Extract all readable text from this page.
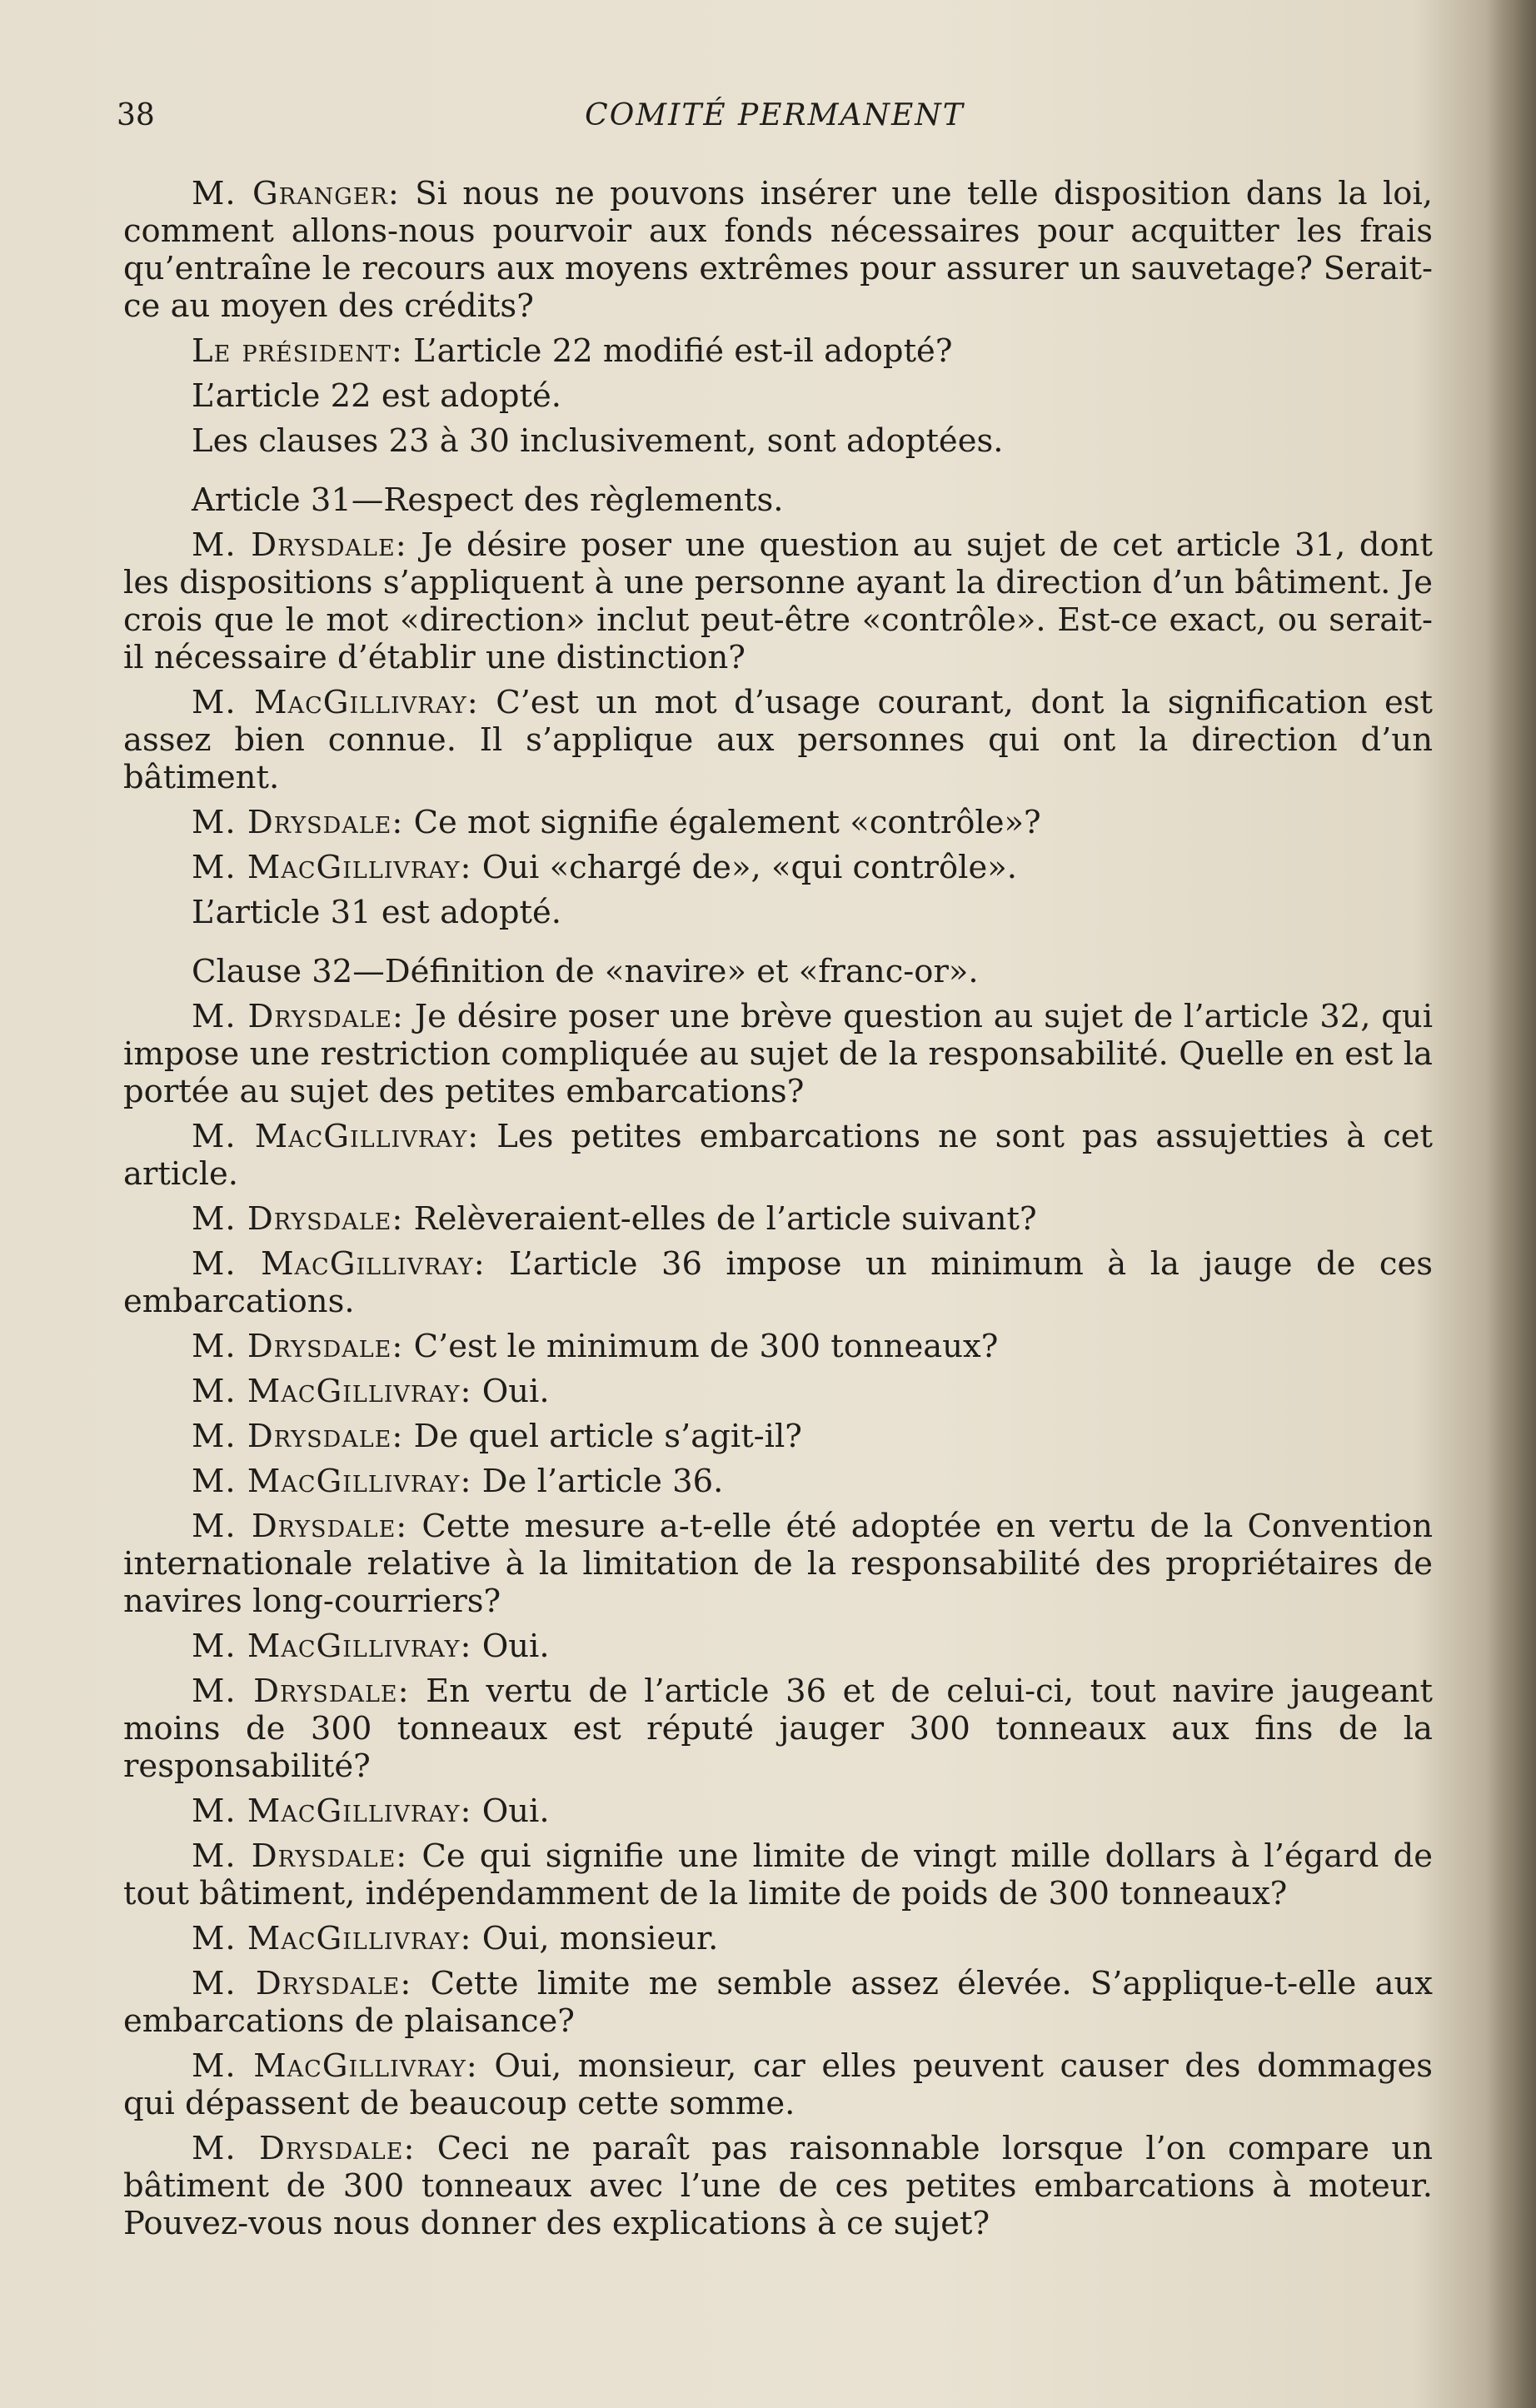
38	COMITÉ PERMANENT

M. Granger: Si nous ne pouvons insérer une telle disposition dans la loi, comment allons-nous pourvoir aux fonds nécessaires pour acquitter les frais qu’entraîne le recours aux moyens extrêmes pour assurer un sauvetage? Serait-ce au moyen des crédits?

Le président: L’article 22 modifié est-il adopté?

L’article 22 est adopté.

Les clauses 23 à 30 inclusivement, sont adoptées.

Article 31—Respect des règlements.

M. Drysdale: Je désire poser une question au sujet de cet article 31, dont les dispositions s’appliquent à une personne ayant la direction d’un bâtiment. Je crois que le mot «direction» inclut peut-être «contrôle». Est-ce exact, ou serait-il nécessaire d’établir une distinction?

M. MacGillivray: C’est un mot d’usage courant, dont la signification est assez bien connue. Il s’applique aux personnes qui ont la direction d’un bâtiment.

M. Drysdale: Ce mot signifie également «contrôle»?

M. MacGillivray: Oui «chargé de», «qui contrôle».

L’article 31 est adopté.

Clause 32—Définition de «navire» et «franc-or».

M. Drysdale: Je désire poser une brève question au sujet de l’article 32, qui impose une restriction compliquée au sujet de la responsabilité. Quelle en est la portée au sujet des petites embarcations?

M. MacGillivray: Les petites embarcations ne sont pas assujetties à cet article.

M. Drysdale: Relèveraient-elles de l’article suivant?

M. MacGillivray: L’article 36 impose un minimum à la jauge de ces embarcations.

M. Drysdale: C’est le minimum de 300 tonneaux?

M. MacGillivray: Oui.

M. Drysdale: De quel article s’agit-il?

M. MacGillivray: De l’article 36.

M. Drysdale: Cette mesure a-t-elle été adoptée en vertu de la Convention internationale relative à la limitation de la responsabilité des propriétaires de navires long-courriers?

M. MacGillivray: Oui.

M. Drysdale: En vertu de l’article 36 et de celui-ci, tout navire jaugeant moins de 300 tonneaux est réputé jauger 300 tonneaux aux fins de la responsabilité?

M. MacGillivray: Oui.

M. Drysdale: Ce qui signifie une limite de vingt mille dollars à l’égard de tout bâtiment, indépendamment de la limite de poids de 300 tonneaux?

M. MacGillivray: Oui, monsieur.

M. Drysdale: Cette limite me semble assez élevée. S’applique-t-elle aux embarcations de plaisance?

M. MacGillivray: Oui, monsieur, car elles peuvent causer des dommages qui dépassent de beaucoup cette somme.

M. Drysdale: Ceci ne paraît pas raisonnable lorsque l’on compare un bâtiment de 300 tonneaux avec l’une de ces petites embarcations à moteur. Pouvez-vous nous donner des explications à ce sujet?
